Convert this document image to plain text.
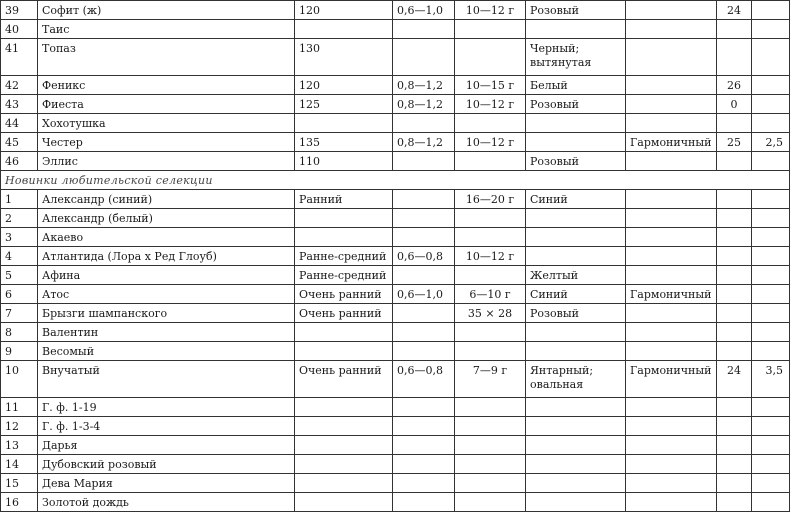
39	Софит (ж)	120	0,6—1,0	10—12 г	Розовый		24	
40	Таис							
41	Топаз	130			Черный; вытянутая			
42	Феникс	120	0,8—1,2	10—15 г	Белый		26	
43	Фиеста	125	0,8—1,2	10—12 г	Розовый		0	
44	Хохотушка							
45	Честер	135	0,8—1,2	10—12 г		Гармоничный	25	2,5
46	Эллис	110			Розовый			
Новинки любительской селекции								
1	Александр (синий)	Ранний		16—20 г	Синий			
2	Александр (белый)							
3	Акаево							
4	Атлантида (Лора х Ред Глоуб)	Ранне-средний	0,6—0,8	10—12 г				
5	Афина	Ранне-средний			Желтый			
6	Атос	Очень ранний	0,6—1,0	6—10 г	Синий	Гармоничный		
7	Брызги шампанского	Очень ранний		35 × 28	Розовый			
8	Валентин							
9	Весомый							
10	Внучатый	Очень ранний	0,6—0,8	7—9 г	Янтарный; овальная	Гармоничный	24	3,5
11	Г. ф. 1-19							
12	Г. ф. 1-3-4							
13	Дарья							
14	Дубовский розовый							
15	Дева Мария							
16	Золотой дождь							
